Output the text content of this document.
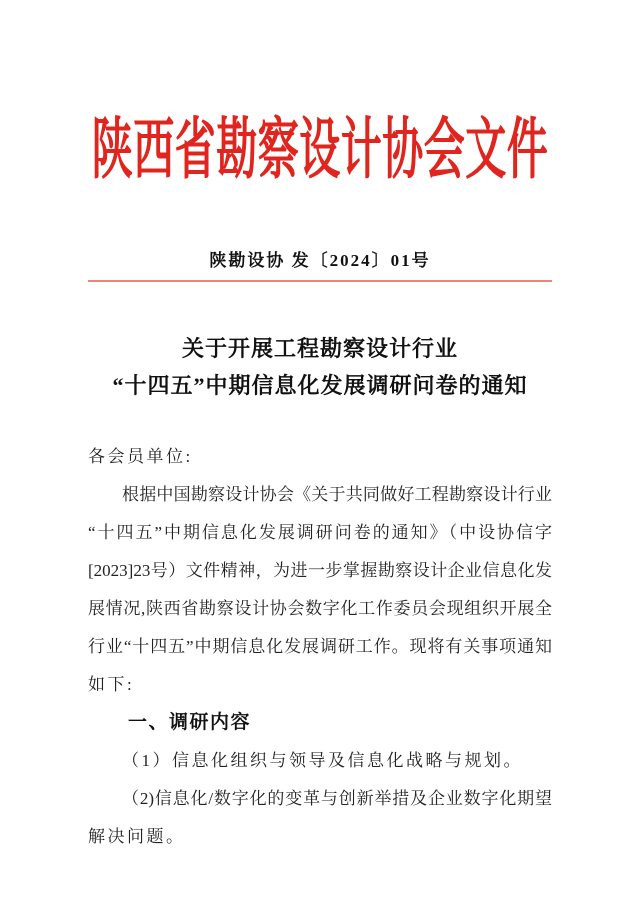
陕西省勘察设计协会文件
陕勘设协 发〔2024〕01号
关于开展工程勘察设计行业
“十四五”中期信息化发展调研问卷的通知
各会员单位:
根据中国勘察设计协会《关于共同做好工程勘察设计行业
“十四五”中期信息化发展调研问卷的通知》（中设协信字
[2023]23号）文件精神，为进一步掌握勘察设计企业信息化发
展情况,陕西省勘察设计协会数字化工作委员会现组织开展全
行业“十四五”中期信息化发展调研工作。现将有关事项通知
如下:
一、调研内容
（1）信息化组织与领导及信息化战略与规划。
（2)信息化/数字化的变革与创新举措及企业数字化期望
解决问题。
